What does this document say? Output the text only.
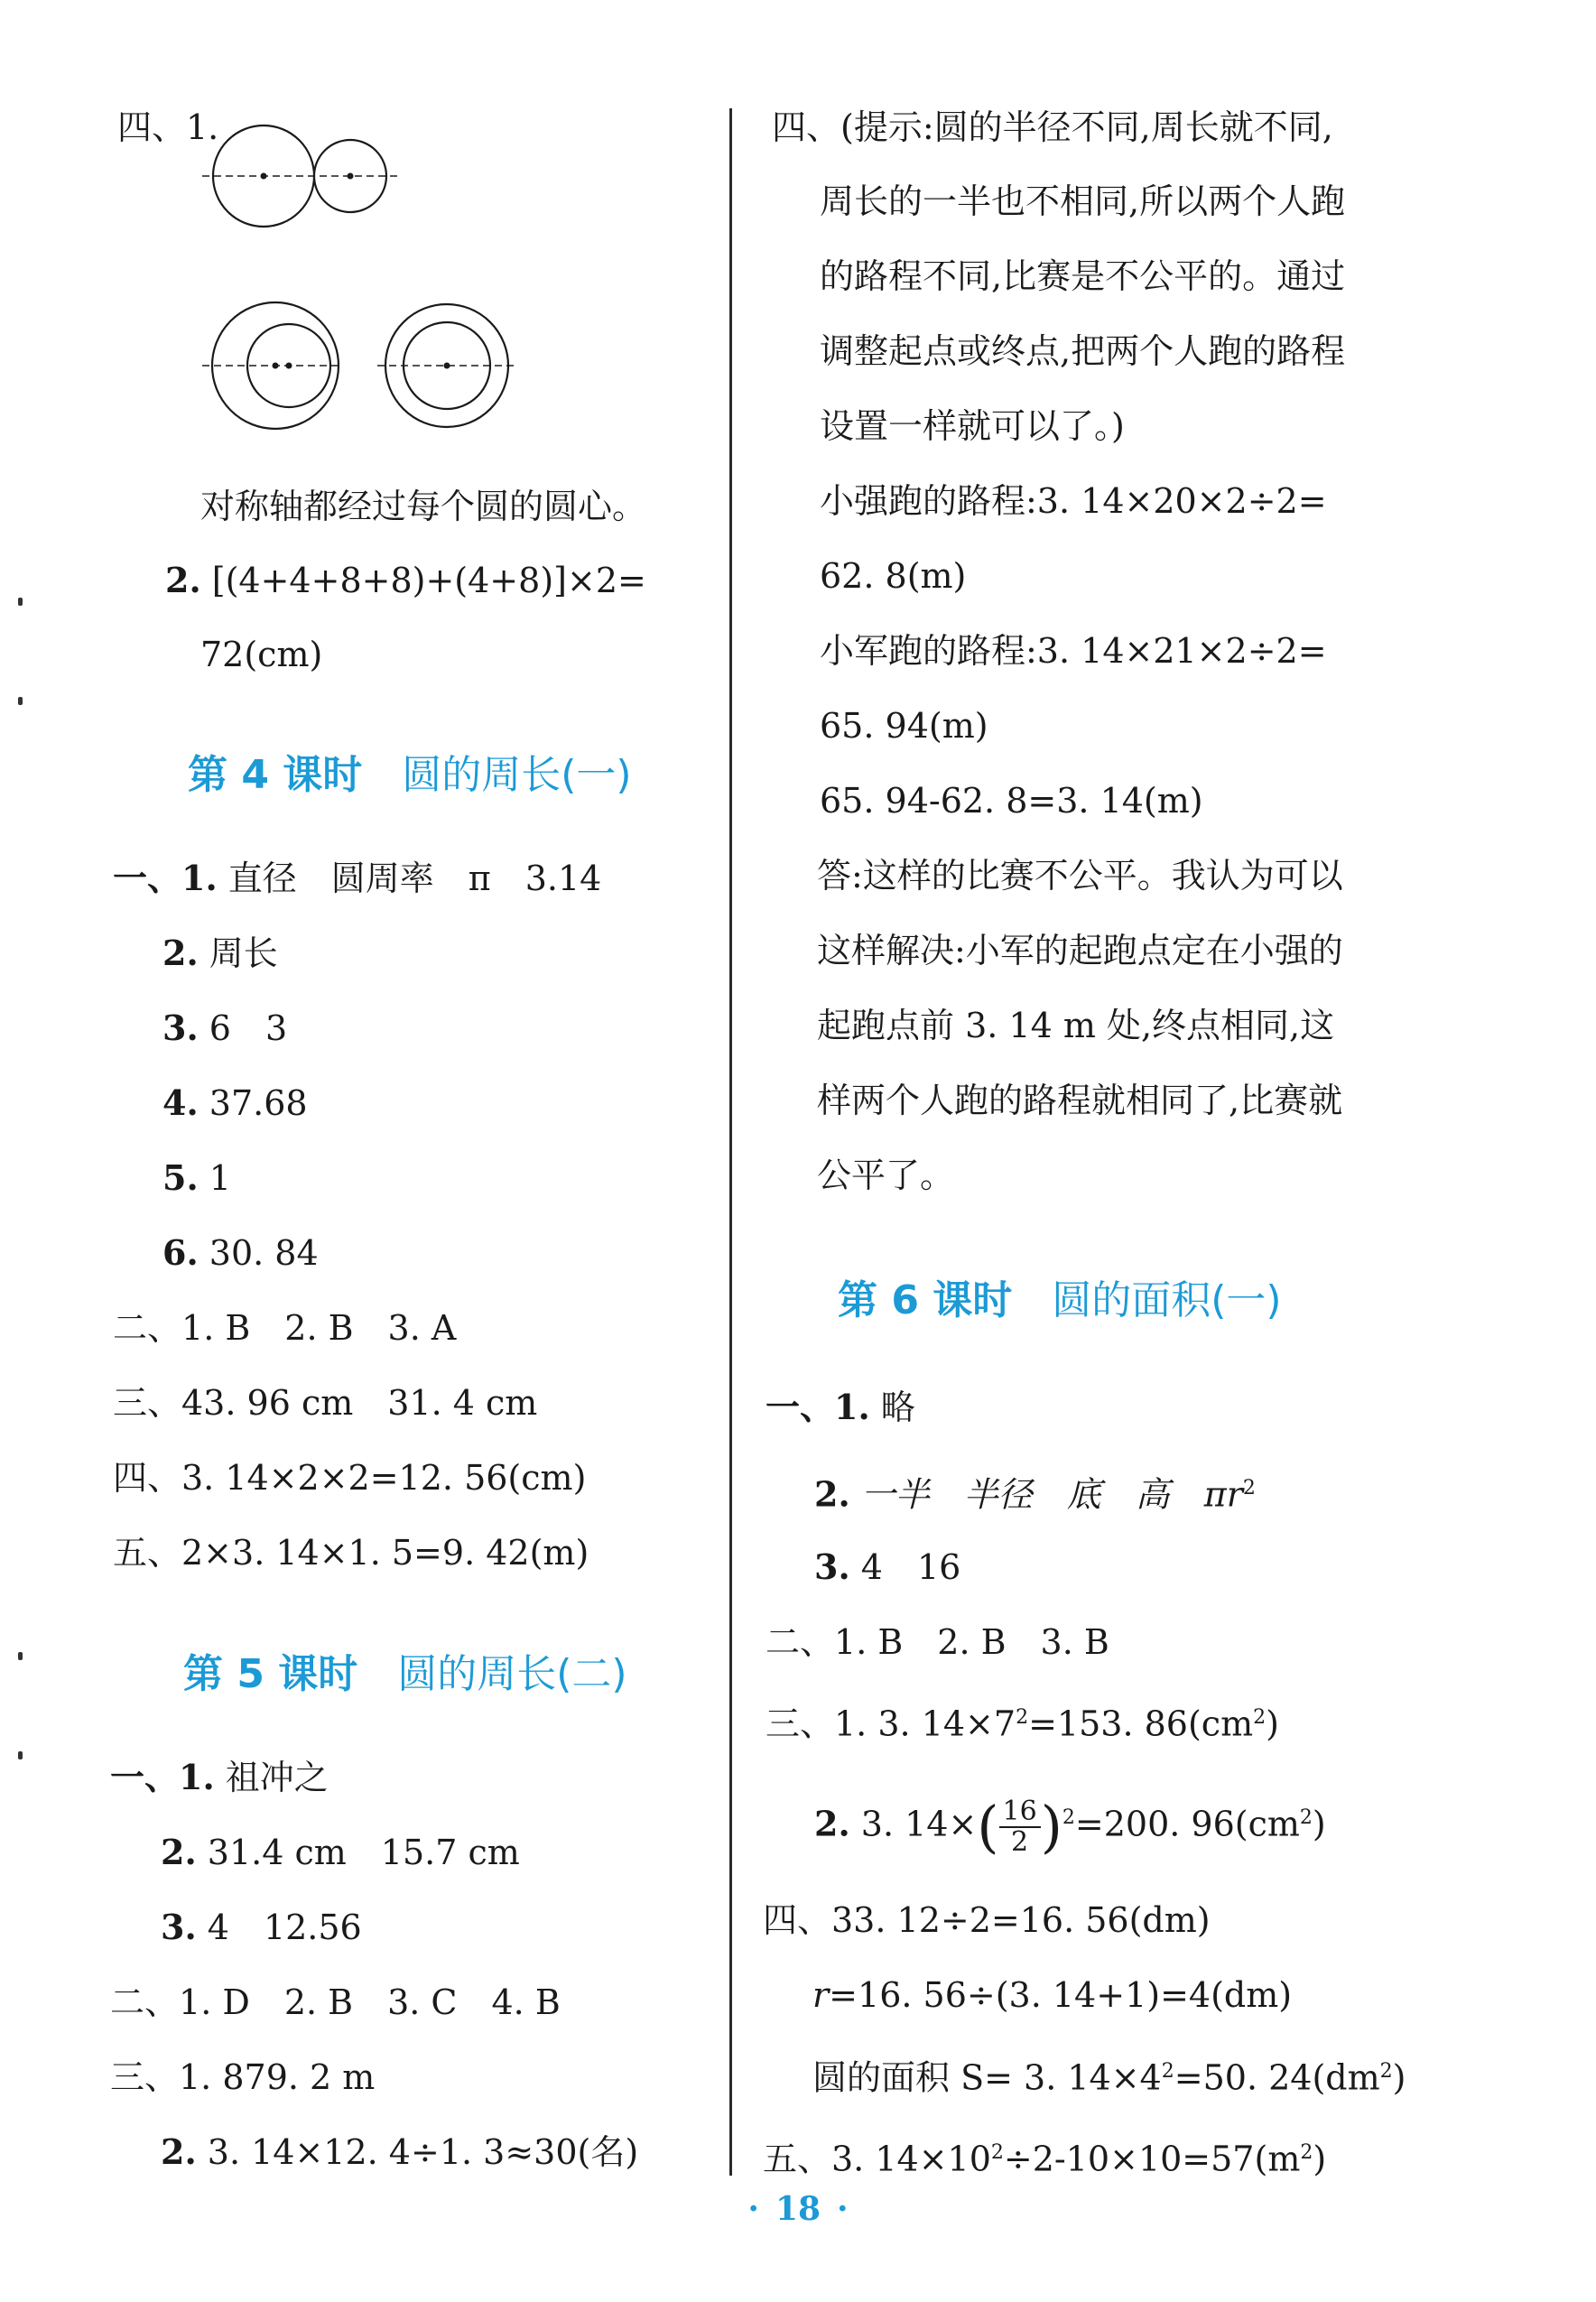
四、1.
对称轴都经过每个圆的圆心。
2. [(4+4+8+8)+(4+8)]×2=
72(cm)
第 4 课时　 圆的周长(一)
一、1. 直径　圆周率　π　3.14
2. 周长
3. 6　3
4. 37.68
5. 1
6. 30. 84
二、1. B　2. B　3. A
三、43. 96 cm　31. 4 cm
四、3. 14×2×2=12. 56(cm)
五、2×3. 14×1. 5=9. 42(m)
第 5 课时　 圆的周长(二)
一、1. 祖冲之
2. 31.4 cm　15.7 cm
3. 4　12.56
二、1. D　2. B　3. C　4. B
三、1. 879. 2 m
2. 3. 14×12. 4÷1. 3≈30(名)
四、(提示:圆的半径不同,周长就不同,
周长的一半也不相同,所以两个人跑
的路程不同,比赛是不公平的。通过
调整起点或终点,把两个人跑的路程
设置一样就可以了。)
小强跑的路程:3. 14×20×2÷2=
62. 8(m)
小军跑的路程:3. 14×21×2÷2=
65. 94(m)
65. 94-62. 8=3. 14(m)
答:这样的比赛不公平。我认为可以
这样解决:小军的起跑点定在小强的
起跑点前 3. 14 m 处,终点相同,这
样两个人跑的路程就相同了,比赛就
公平了。
第 6 课时　 圆的面积(一)
一、1. 略
2. 一半　半径　底　高　$\pi r^2$
3. 4　16
二、1. B　2. B　3. B
三、1. 3. $14\times 7^2=153$. $86(cm^2)$
2. 3. $14\times( \frac{16}{2} )^2=200$. $96(cm^2)$
四、33. 12÷2=16. 56(dm)
r=16. 56÷(3. 14+1)=4(dm)
圆的面积 S= 3. $14\times 4^2=50$. $24(dm^2)$
五、3. $14\times 10^2\div 2-10\times 10=57(m^2)$
· 18 ·
